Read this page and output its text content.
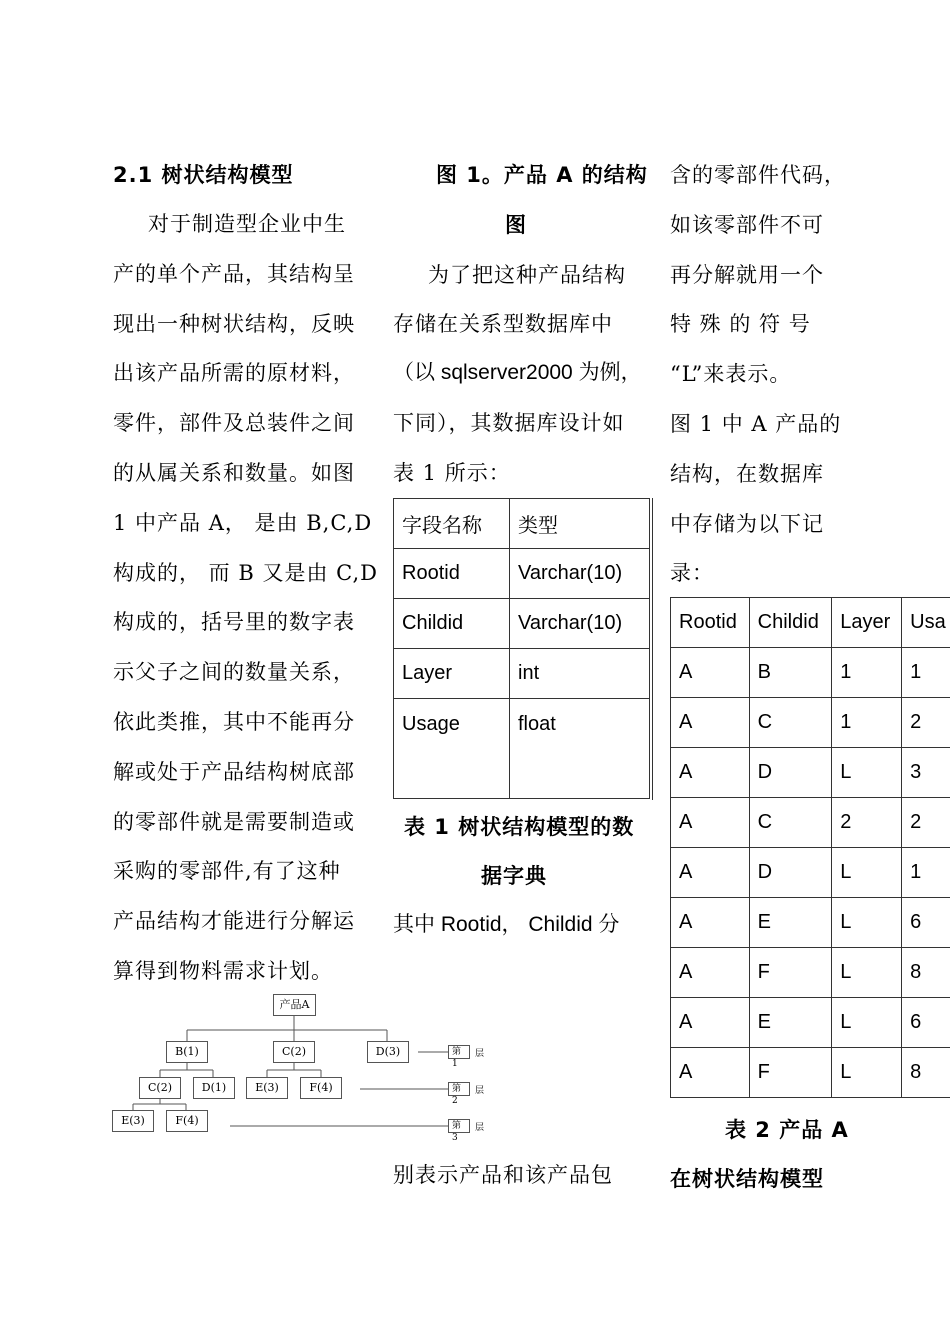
2.1 树状结构模型
对于制造型企业中生
产的单个产品，其结构呈
现出一种树状结构，反映
出该产品所需的原材料，
零件，部件及总装件之间
的从属关系和数量。如图
1 中产品 A， 是由 B,C,D
构成的， 而 B 又是由 C,D
构成的，括号里的数字表
示父子之间的数量关系，
依此类推，其中不能再分
解或处于产品结构树底部
的零部件就是需要制造或
采购的零部件,有了这种
产品结构才能进行分解运
算得到物料需求计划。
产品A
B(1)	C(2)	D(3)
C(2)	D(1)	E(3)	F(4)
E(3)	F(4)
第 1
层
第 2
层
第 3
层
图 1。产品 A 的结构
图
为了把这种产品结构
存储在关系型数据库中
（以 sqlserver2000 为例，
下同），其数据库设计如
表 1 所示：
字段名称	类型
Rootid	Varchar(10)
Childid	Varchar(10)
Layer	int
Usage	float
表 1 树状结构模型的数
据字典
其中 Rootid， Childid 分
别表示产品和该产品包
含的零部件代码，
如该零部件不可
再分解就用一个
特 殊 的 符 号
“L”来表示。
图 1 中 A 产品的
结构，在数据库
中存储为以下记
录：
Rootid	Childid	Layer	Usa
A	B	1	1
A	C	1	2
A	D	L	3
A	C	2	2
A	D	L	1
A	E	L	6
A	F	L	8
A	E	L	6
A	F	L	8
表 2 产品 A
在树状结构模型
